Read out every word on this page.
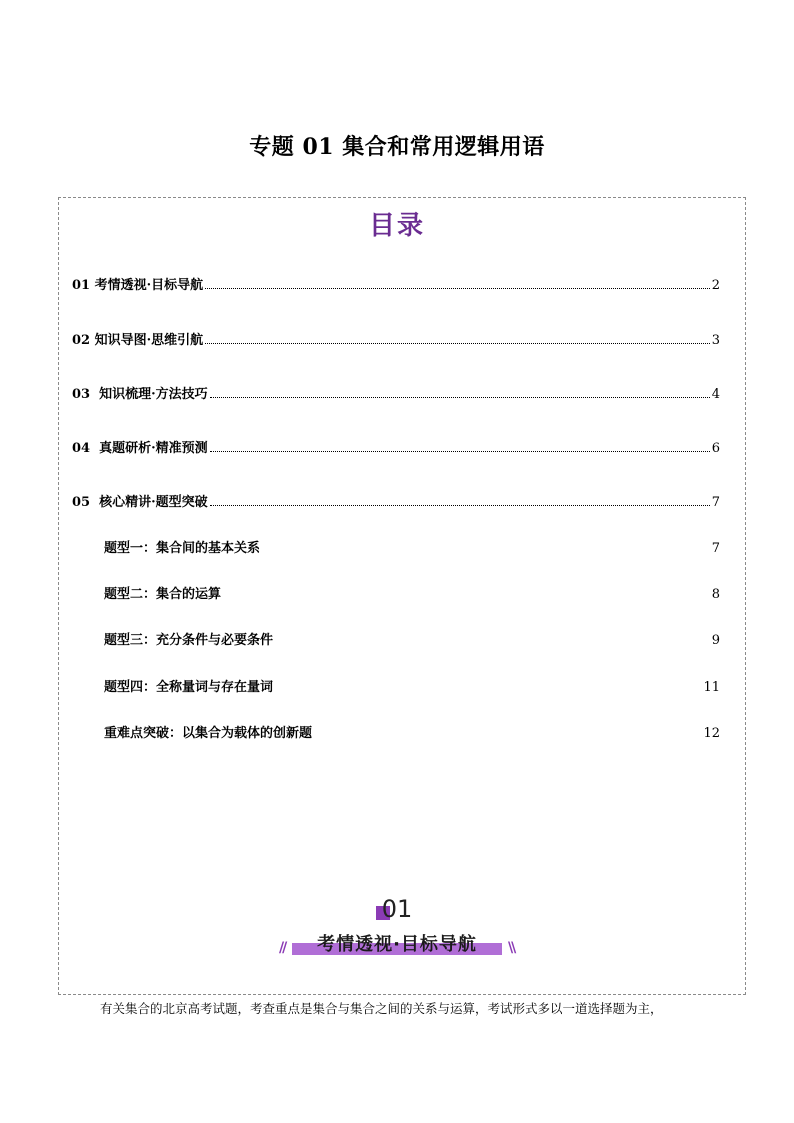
专题 01 集合和常用逻辑用语
目录
01 考情透视·目标导航	2
02 知识导图·思维引航	3
03  知识梳理·方法技巧	4
04  真题研析·精准预测	6
05  核心精讲·题型突破	7
题型一：集合间的基本关系	7
题型二：集合的运算	8
题型三：充分条件与必要条件	9
题型四：全称量词与存在量词	11
重难点突破：以集合为载体的创新题	12
01
考情透视·目标导航
//	\\
有关集合的北京高考试题，考查重点是集合与集合之间的关系与运算，考试形式多以一道选择题为主，
